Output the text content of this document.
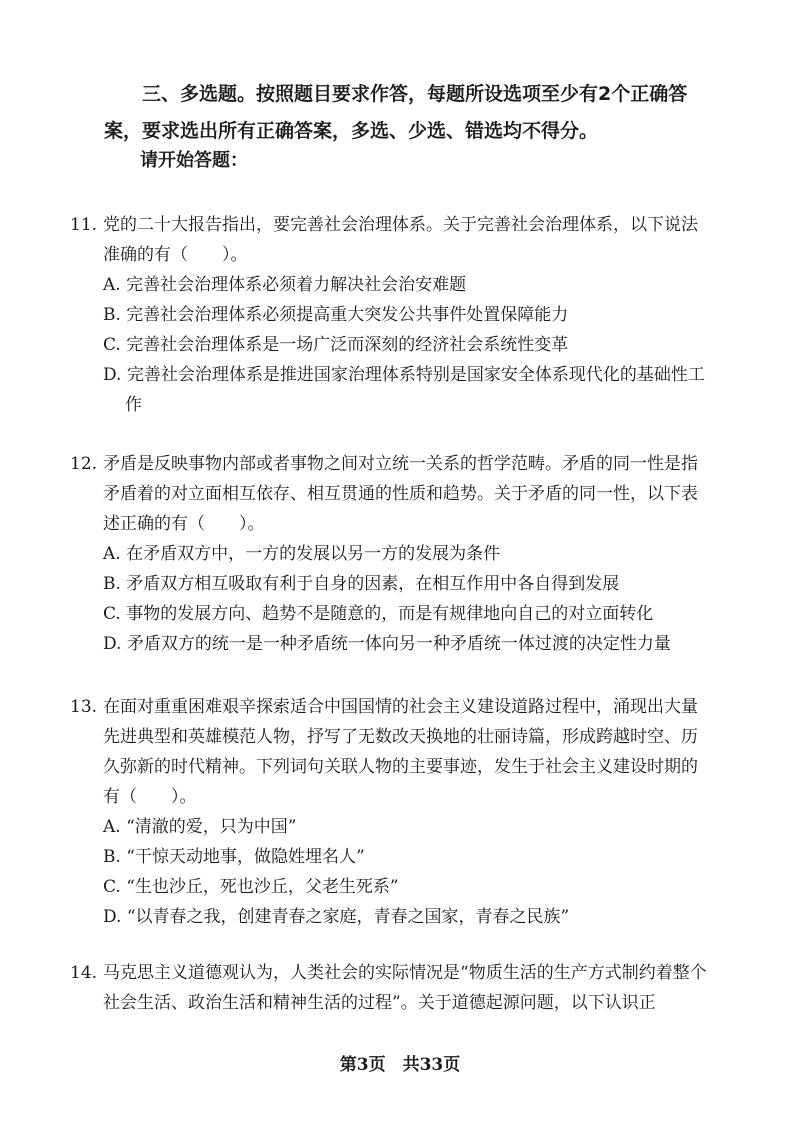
三、多选题。按照题目要求作答，每题所设选项至少有2个正确答案，要求选出所有正确答案，多选、少选、错选均不得分。

请开始答题：

11. 党的二十大报告指出，要完善社会治理体系。关于完善社会治理体系，以下说法准确的有（　　）。

A. 完善社会治理体系必须着力解决社会治安难题
B. 完善社会治理体系必须提高重大突发公共事件处置保障能力
C. 完善社会治理体系是一场广泛而深刻的经济社会系统性变革
D. 完善社会治理体系是推进国家治理体系特别是国家安全体系现代化的基础性工作

12. 矛盾是反映事物内部或者事物之间对立统一关系的哲学范畴。矛盾的同一性是指矛盾着的对立面相互依存、相互贯通的性质和趋势。关于矛盾的同一性，以下表述正确的有（　　）。

A. 在矛盾双方中，一方的发展以另一方的发展为条件
B. 矛盾双方相互吸取有利于自身的因素，在相互作用中各自得到发展
C. 事物的发展方向、趋势不是随意的，而是有规律地向自己的对立面转化
D. 矛盾双方的统一是一种矛盾统一体向另一种矛盾统一体过渡的决定性力量

13. 在面对重重困难艰辛探索适合中国国情的社会主义建设道路过程中，涌现出大量先进典型和英雄模范人物，抒写了无数改天换地的壮丽诗篇，形成跨越时空、历久弥新的时代精神。下列词句关联人物的主要事迹，发生于社会主义建设时期的有（　　）。

A. “清澈的爱，只为中国”
B. “干惊天动地事，做隐姓埋名人”
C. “生也沙丘，死也沙丘，父老生死系”
D. “以青春之我，创建青春之家庭，青春之国家，青春之民族”

14. 马克思主义道德观认为，人类社会的实际情况是“物质生活的生产方式制约着整个社会生活、政治生活和精神生活的过程”。关于道德起源问题，以下认识正

第3页　共33页
